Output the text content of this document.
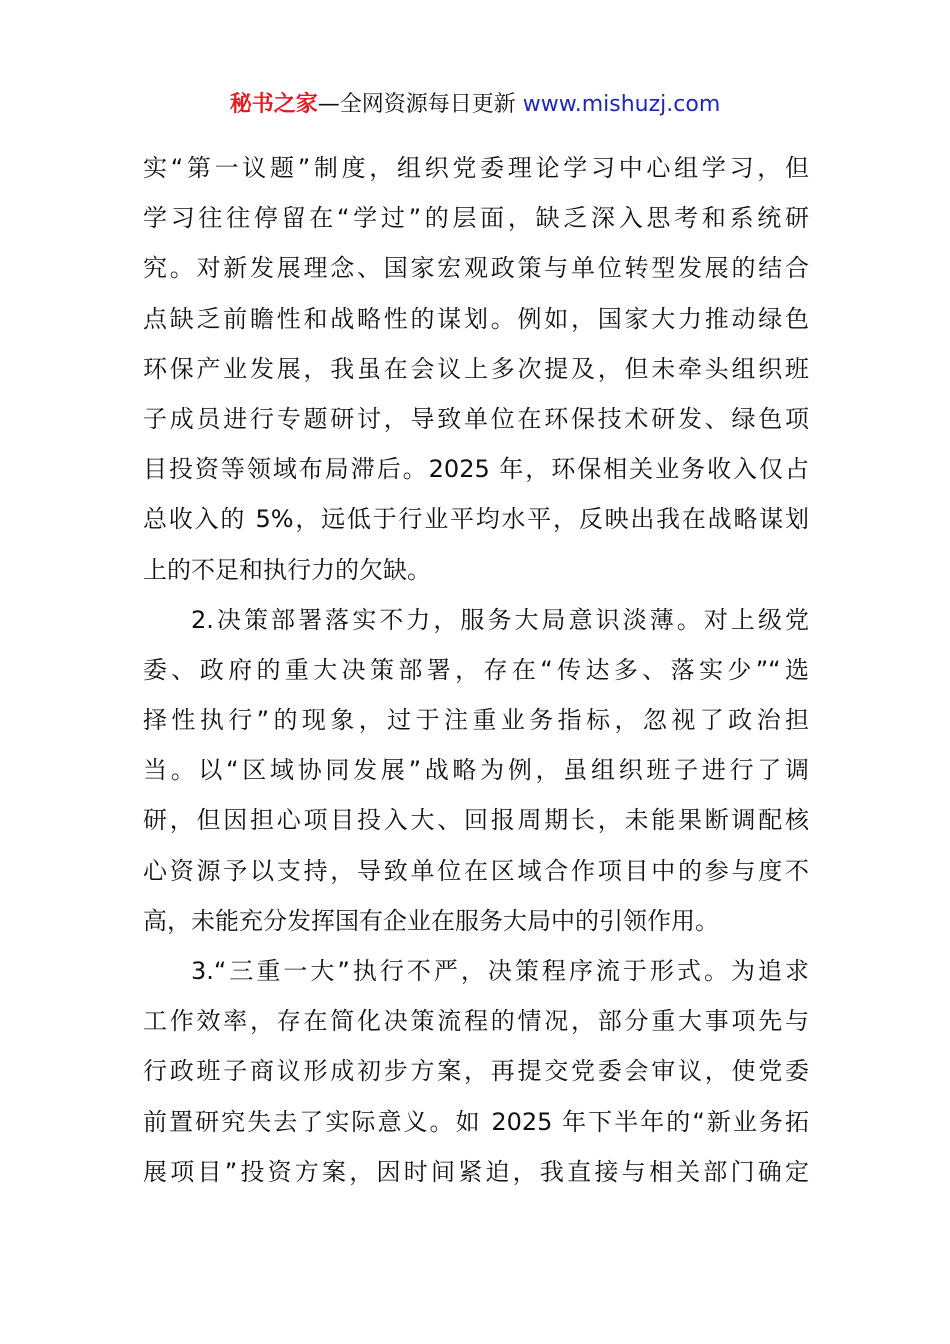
秘书之家—全网资源每日更新 www.mishuzj.com
实“第一议题”制度，组织党委理论学习中心组学习，但
学习往往停留在“学过”的层面，缺乏深入思考和系统研
究。对新发展理念、国家宏观政策与单位转型发展的结合
点缺乏前瞻性和战略性的谋划。例如，国家大力推动绿色
环保产业发展，我虽在会议上多次提及，但未牵头组织班
子成员进行专题研讨，导致单位在环保技术研发、绿色项
目投资等领域布局滞后。2025 年，环保相关业务收入仅占
总收入的 5%，远低于行业平均水平，反映出我在战略谋划
上的不足和执行力的欠缺。
2.决策部署落实不力，服务大局意识淡薄。对上级党
委、政府的重大决策部署，存在“传达多、落实少”“选
择性执行”的现象，过于注重业务指标，忽视了政治担
当。以“区域协同发展”战略为例，虽组织班子进行了调
研，但因担心项目投入大、回报周期长，未能果断调配核
心资源予以支持，导致单位在区域合作项目中的参与度不
高，未能充分发挥国有企业在服务大局中的引领作用。
3.“三重一大”执行不严，决策程序流于形式。为追求
工作效率，存在简化决策流程的情况，部分重大事项先与
行政班子商议形成初步方案，再提交党委会审议，使党委
前置研究失去了实际意义。如 2025 年下半年的“新业务拓
展项目”投资方案，因时间紧迫，我直接与相关部门确定
